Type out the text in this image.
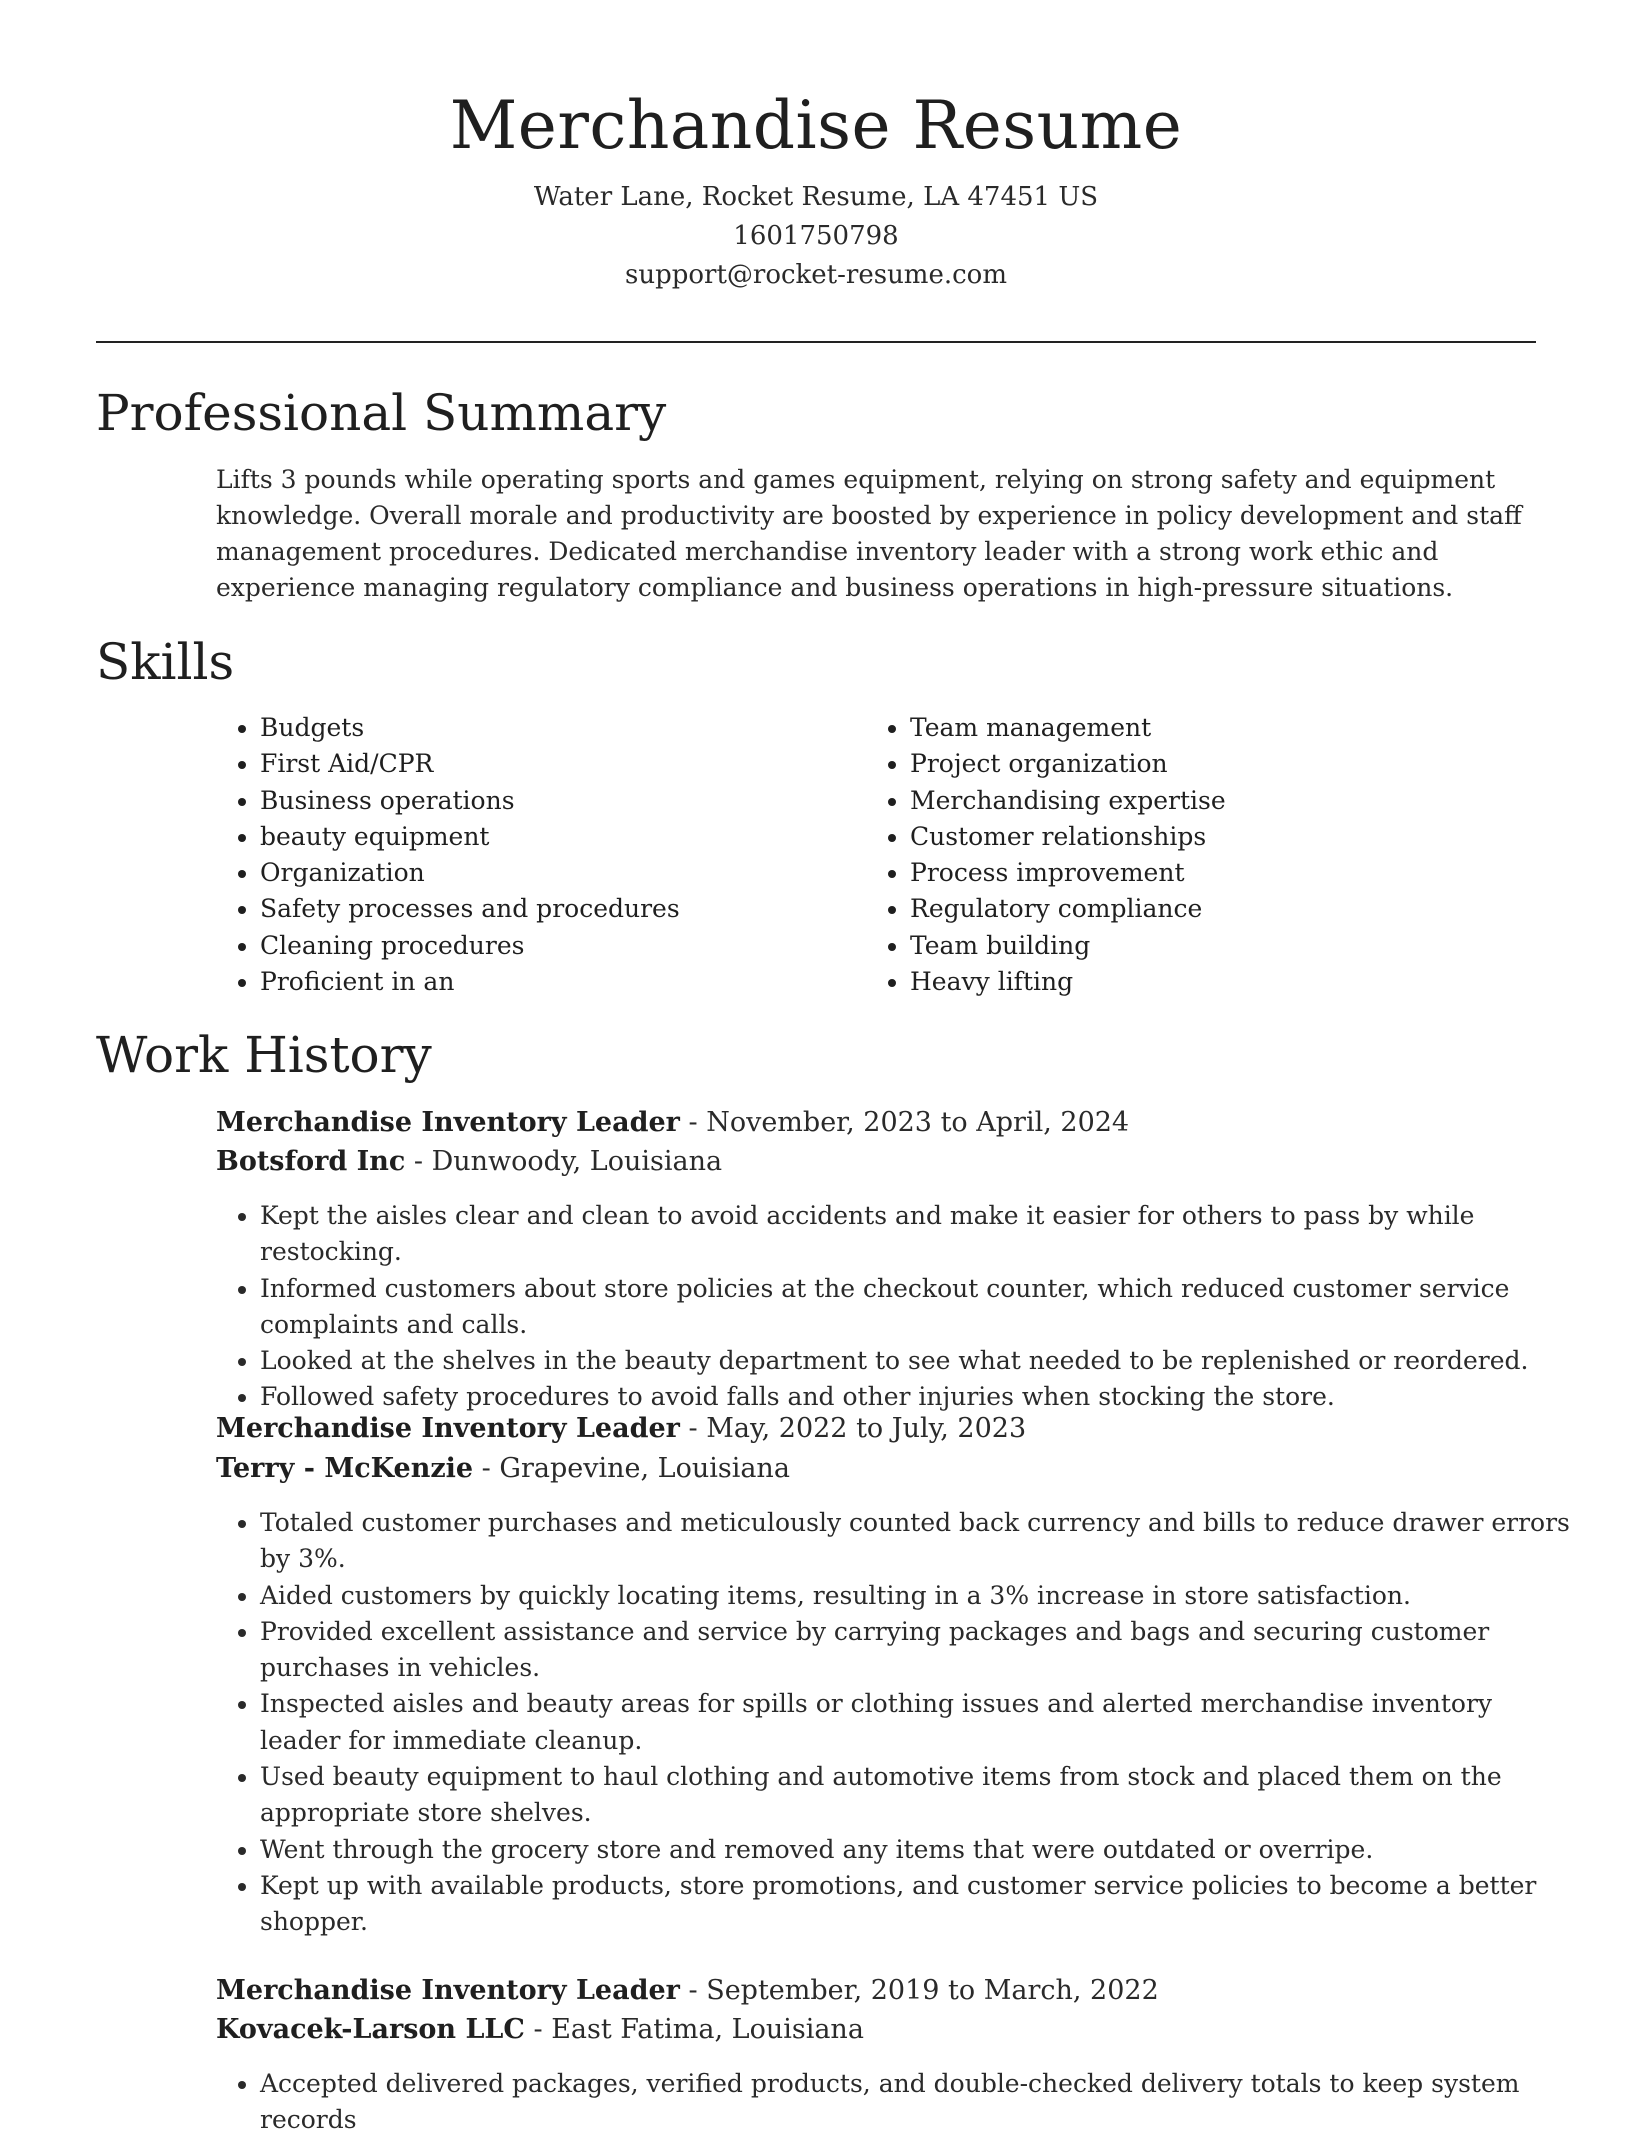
Merchandise Resume
Water Lane, Rocket Resume, LA 47451 US
1601750798
support@rocket-resume.com
Professional Summary
Lifts 3 pounds while operating sports and games equipment, relying on strong safety and equipment knowledge. Overall morale and productivity are boosted by experience in policy development and staff management procedures. Dedicated merchandise inventory leader with a strong work ethic and experience managing regulatory compliance and business operations in high-pressure situations.
Skills
• Budgets
• First Aid/CPR
• Business operations
• beauty equipment
• Organization
• Safety processes and procedures
• Cleaning procedures
• Proficient in an
• Team management
• Project organization
• Merchandising expertise
• Customer relationships
• Process improvement
• Regulatory compliance
• Team building
• Heavy lifting
Work History
Merchandise Inventory Leader - November, 2023 to April, 2024
Botsford Inc - Dunwoody, Louisiana
• Kept the aisles clear and clean to avoid accidents and make it easier for others to pass by while restocking.
• Informed customers about store policies at the checkout counter, which reduced customer service complaints and calls.
• Looked at the shelves in the beauty department to see what needed to be replenished or reordered.
• Followed safety procedures to avoid falls and other injuries when stocking the store.
Merchandise Inventory Leader - May, 2022 to July, 2023
Terry - McKenzie - Grapevine, Louisiana
• Totaled customer purchases and meticulously counted back currency and bills to reduce drawer errors by 3%.
• Aided customers by quickly locating items, resulting in a 3% increase in store satisfaction.
• Provided excellent assistance and service by carrying packages and bags and securing customer purchases in vehicles.
• Inspected aisles and beauty areas for spills or clothing issues and alerted merchandise inventory leader for immediate cleanup.
• Used beauty equipment to haul clothing and automotive items from stock and placed them on the appropriate store shelves.
• Went through the grocery store and removed any items that were outdated or overripe.
• Kept up with available products, store promotions, and customer service policies to become a better shopper.
Merchandise Inventory Leader - September, 2019 to March, 2022
Kovacek-Larson LLC - East Fatima, Louisiana
• Accepted delivered packages, verified products, and double-checked delivery totals to keep system records
